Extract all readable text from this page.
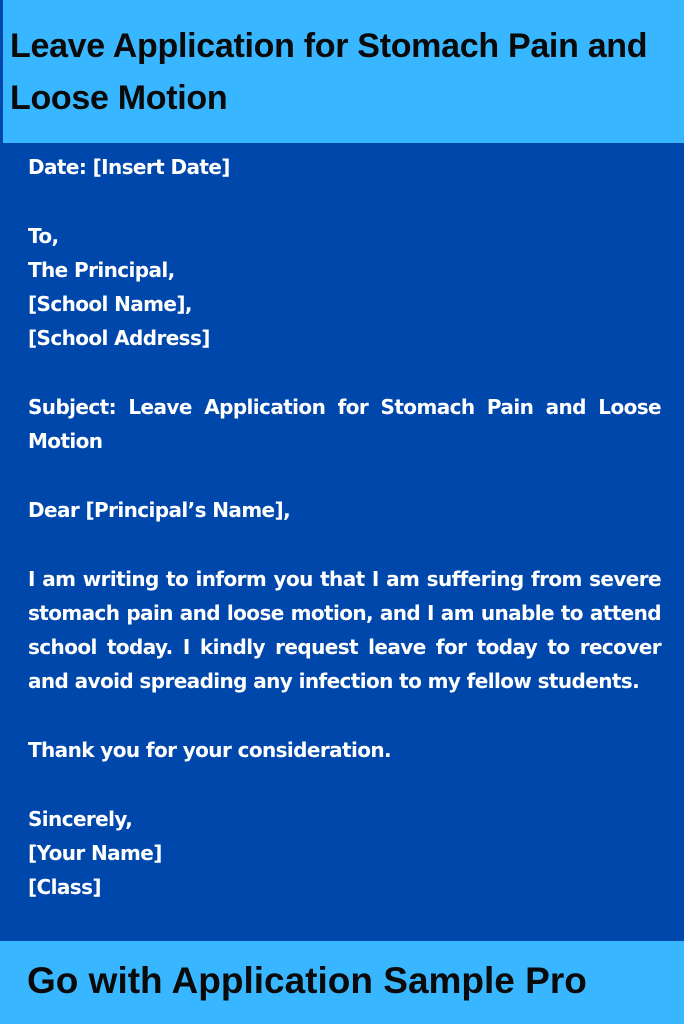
Leave Application for Stomach Pain and Loose Motion

Date: [Insert Date]

To,

The Principal,

[School Name],

[School Address]

Subject: Leave Application for Stomach Pain and Loose Motion

Dear [Principal’s Name],

I am writing to inform you that I am suffering from severe stomach pain and loose motion, and I am unable to attend school today. I kindly request leave for today to recover and avoid spreading any infection to my fellow students.

Thank you for your consideration.

Sincerely,

[Your Name]

[Class]

Go with Application Sample Pro
